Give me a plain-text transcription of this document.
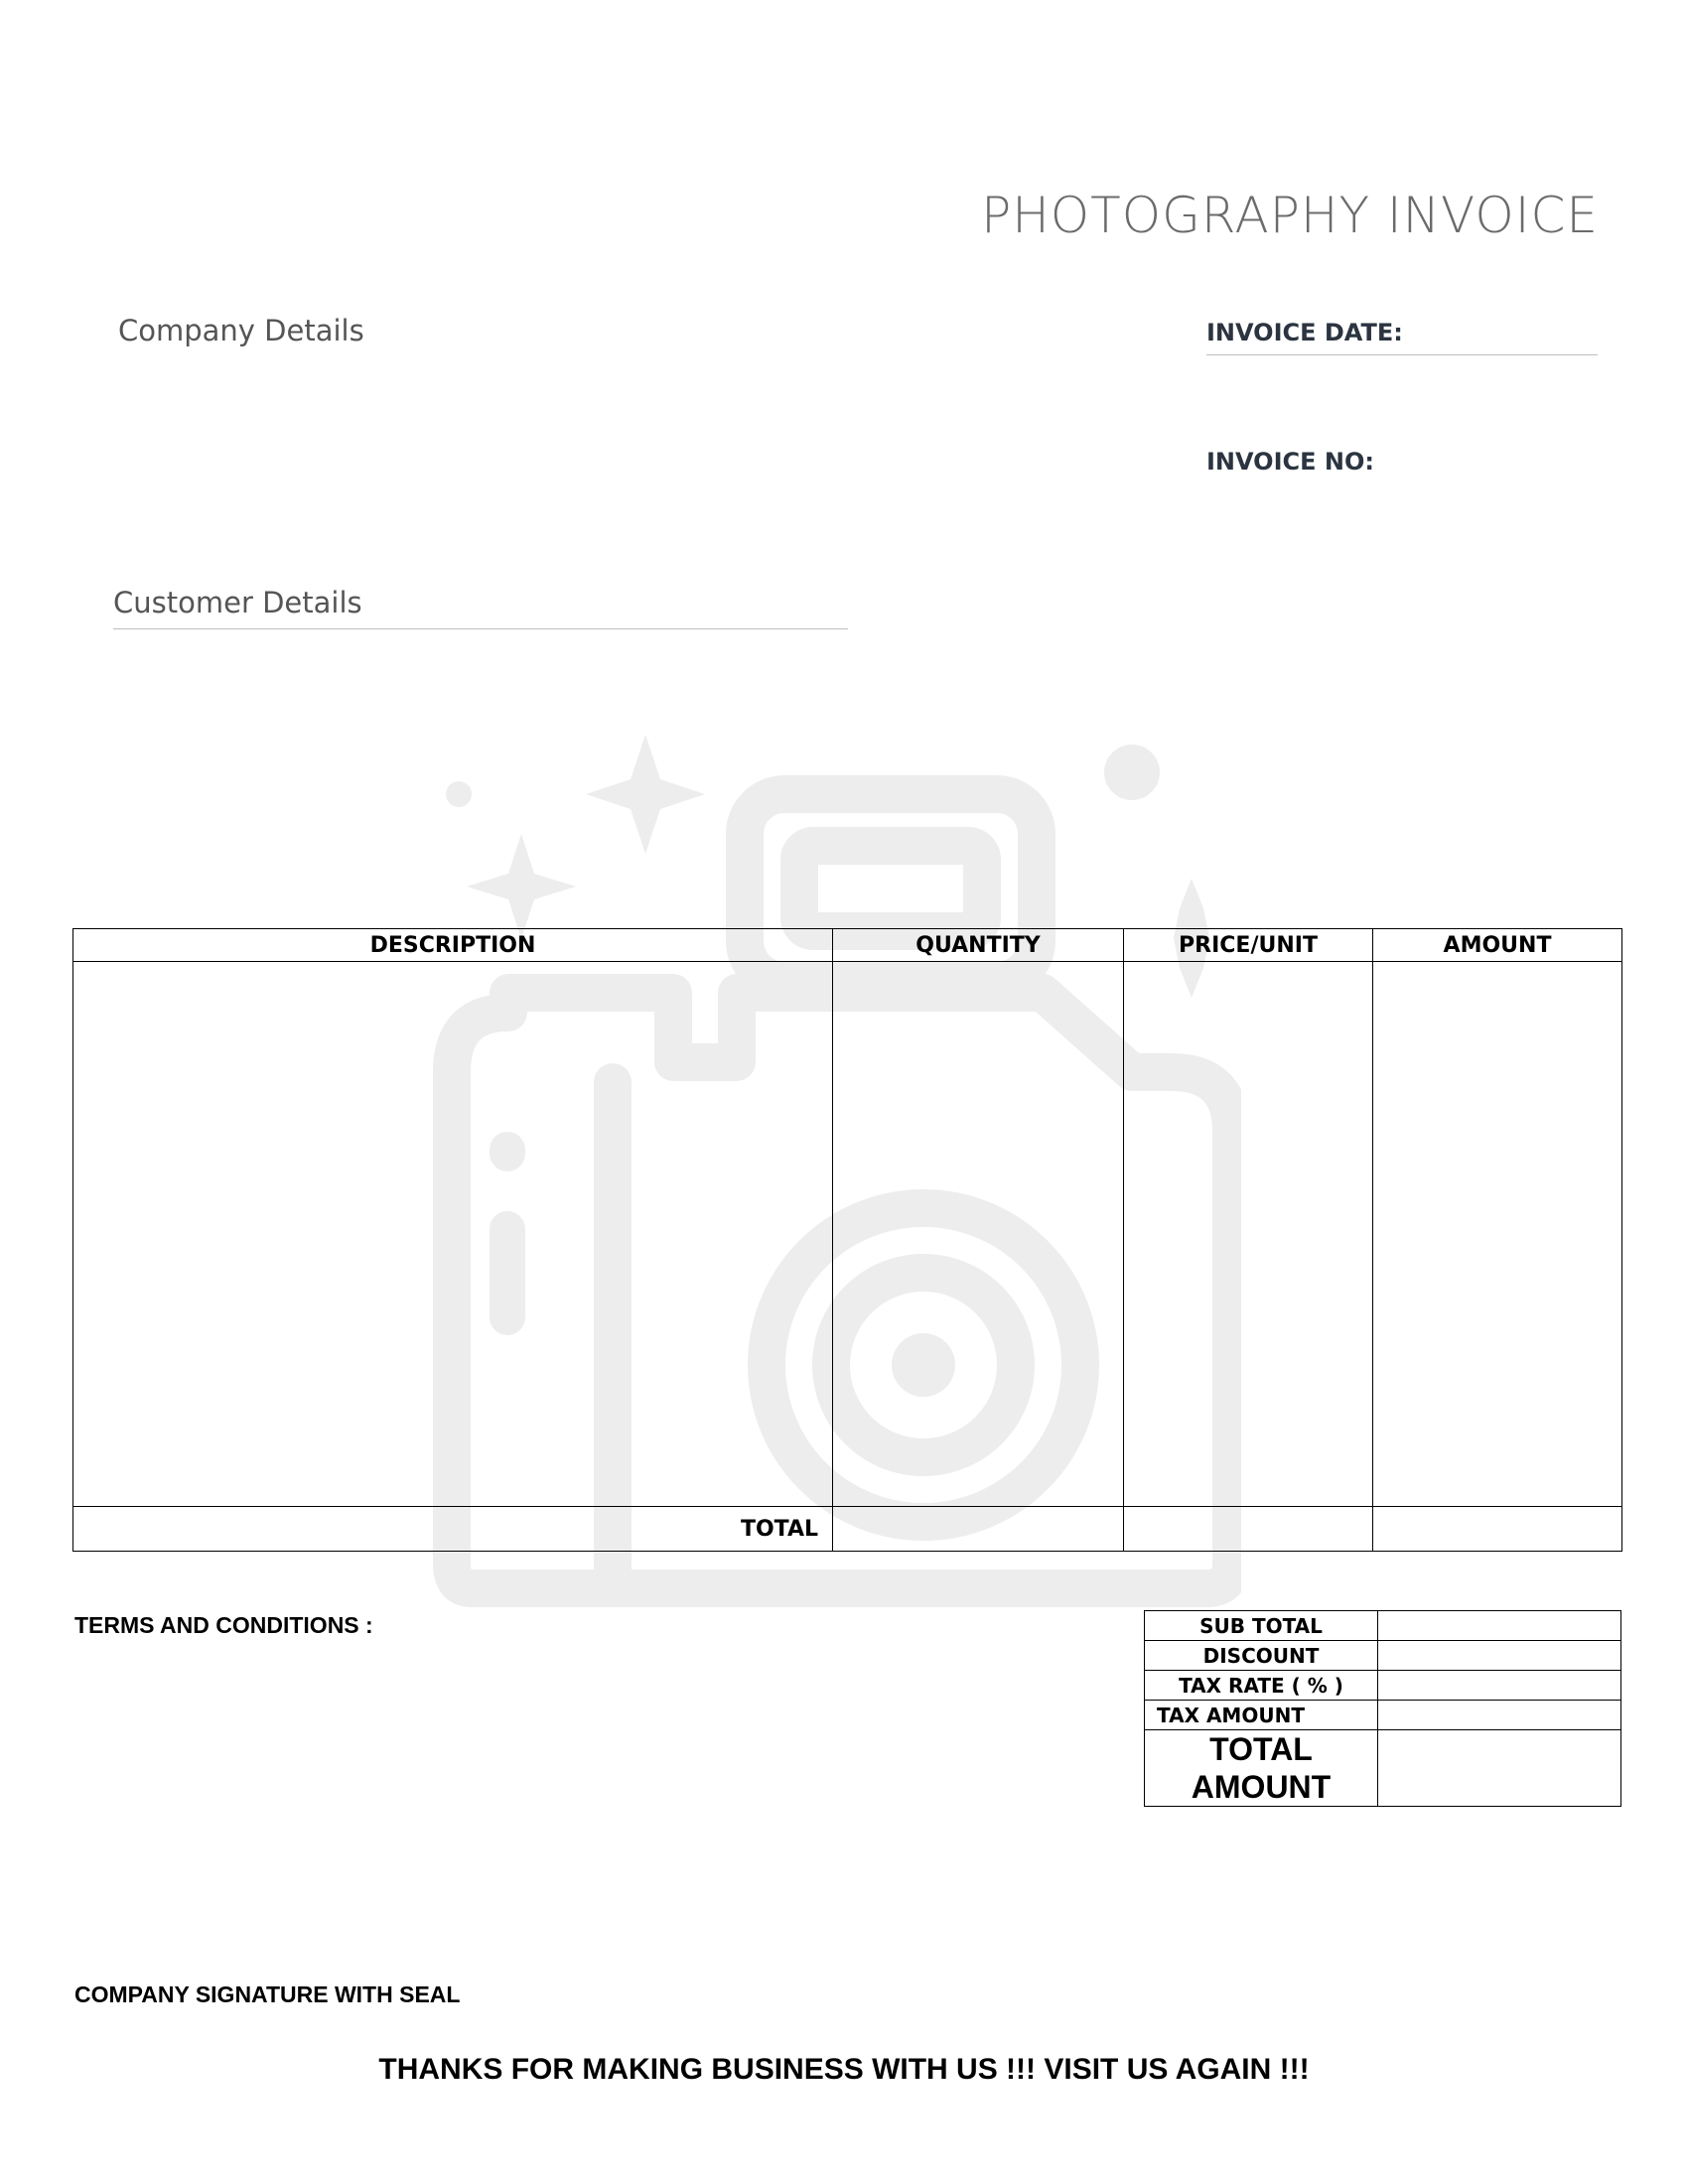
PHOTOGRAPHY INVOICE
Company Details
Customer Details
INVOICE DATE:
INVOICE NO:
DESCRIPTION	QUANTITY	PRICE/UNIT	AMOUNT

TOTAL			
TERMS AND CONDITIONS :	SUB TOTAL	
DISCOUNT	
TAX RATE ( % )	
TAX AMOUNT	

TOTAL
AMOUNT	

COMPANY SIGNATURE WITH SEAL
THANKS FOR MAKING BUSINESS WITH US !!! VISIT US AGAIN !!!
